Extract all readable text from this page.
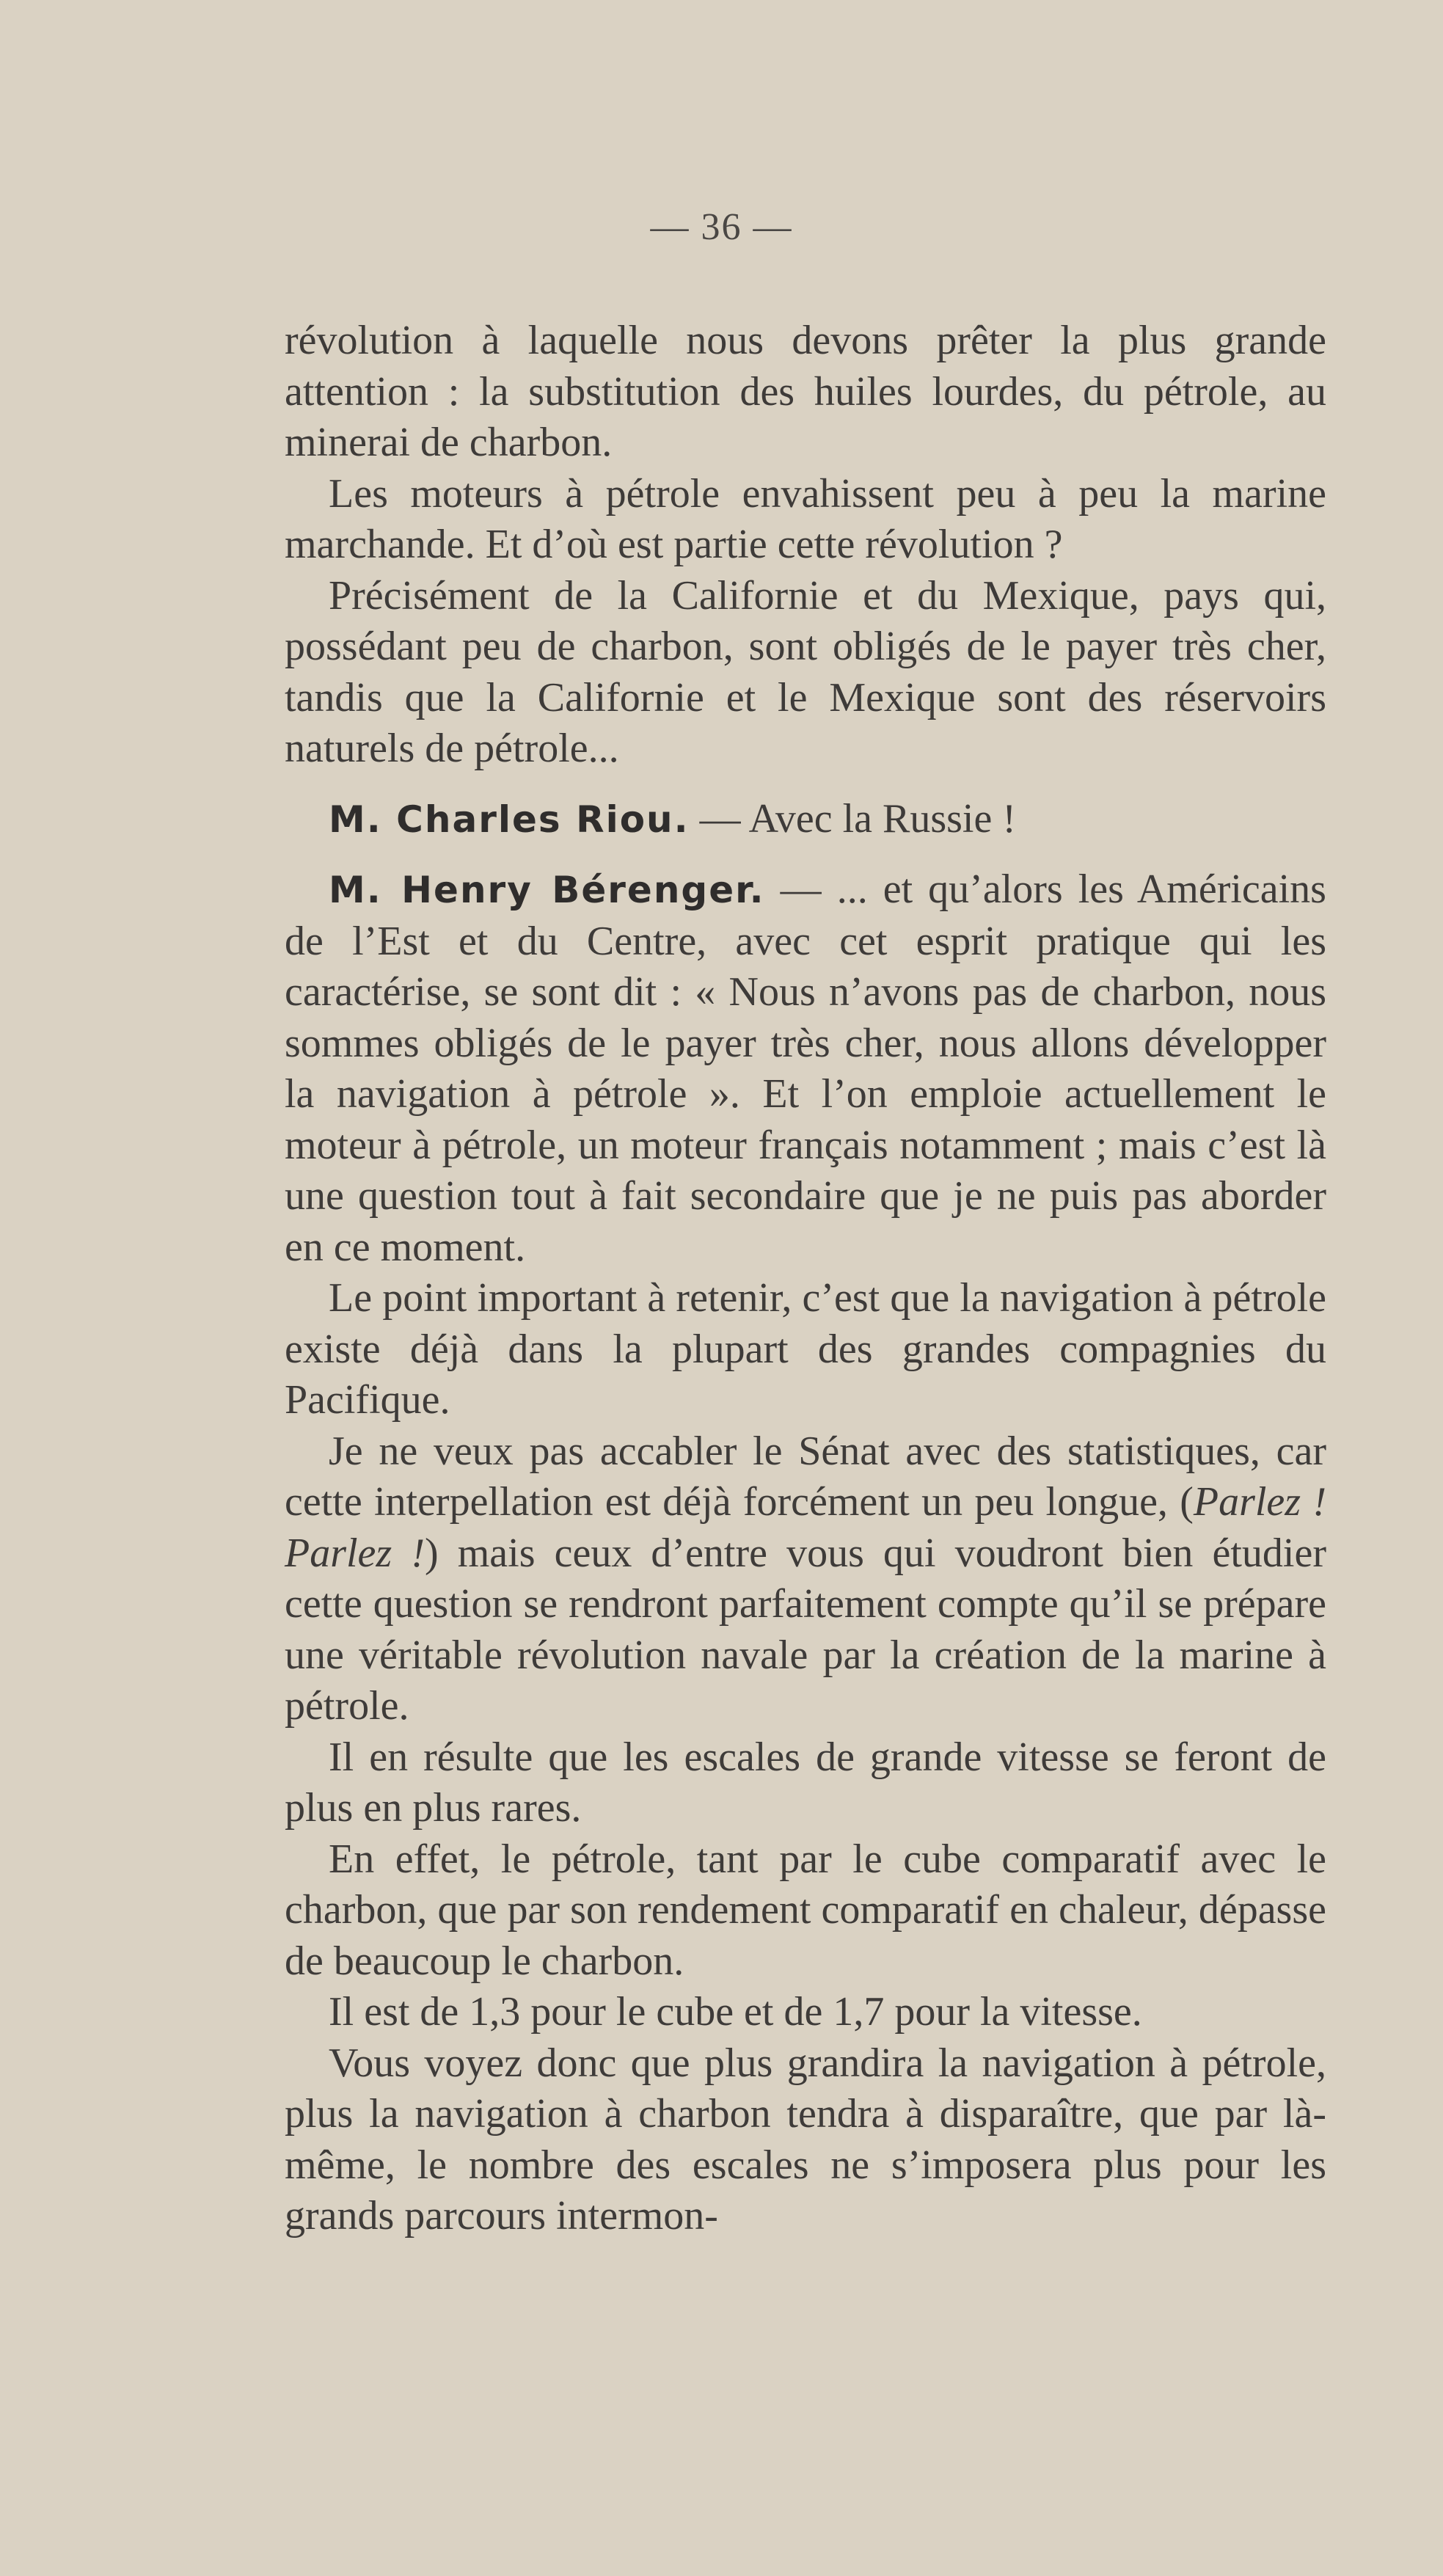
— 36 —

révolution à laquelle nous devons prêter la plus grande attention : la substitution des huiles lourdes, du pétrole, au minerai de charbon.

Les moteurs à pétrole envahissent peu à peu la marine marchande. Et d’où est partie cette révolution ?

Précisément de la Californie et du Mexique, pays qui, possédant peu de charbon, sont obligés de le payer très cher, tandis que la Californie et le Mexique sont des réservoirs naturels de pétrole...

M. Charles Riou. — Avec la Russie !

M. Henry Bérenger. — ... et qu’alors les Américains de l’Est et du Centre, avec cet esprit pratique qui les caractérise, se sont dit : « Nous n’avons pas de charbon, nous sommes obligés de le payer très cher, nous allons développer la navigation à pétrole ». Et l’on emploie actuellement le moteur à pétrole, un moteur français notamment ; mais c’est là une question tout à fait secondaire que je ne puis pas aborder en ce moment.

Le point important à retenir, c’est que la navigation à pétrole existe déjà dans la plupart des grandes compagnies du Pacifique.

Je ne veux pas accabler le Sénat avec des statistiques, car cette interpellation est déjà forcément un peu longue, (Parlez ! Parlez !) mais ceux d’entre vous qui voudront bien étudier cette question se rendront parfaitement compte qu’il se prépare une véritable révolution navale par la création de la marine à pétrole.

Il en résulte que les escales de grande vitesse se feront de plus en plus rares.

En effet, le pétrole, tant par le cube comparatif avec le charbon, que par son rendement comparatif en chaleur, dépasse de beaucoup le charbon.

Il est de 1,3 pour le cube et de 1,7 pour la vitesse.

Vous voyez donc que plus grandira la navigation à pétrole, plus la navigation à charbon tendra à disparaître, que par là-même, le nombre des escales ne s’imposera plus pour les grands parcours intermon-
